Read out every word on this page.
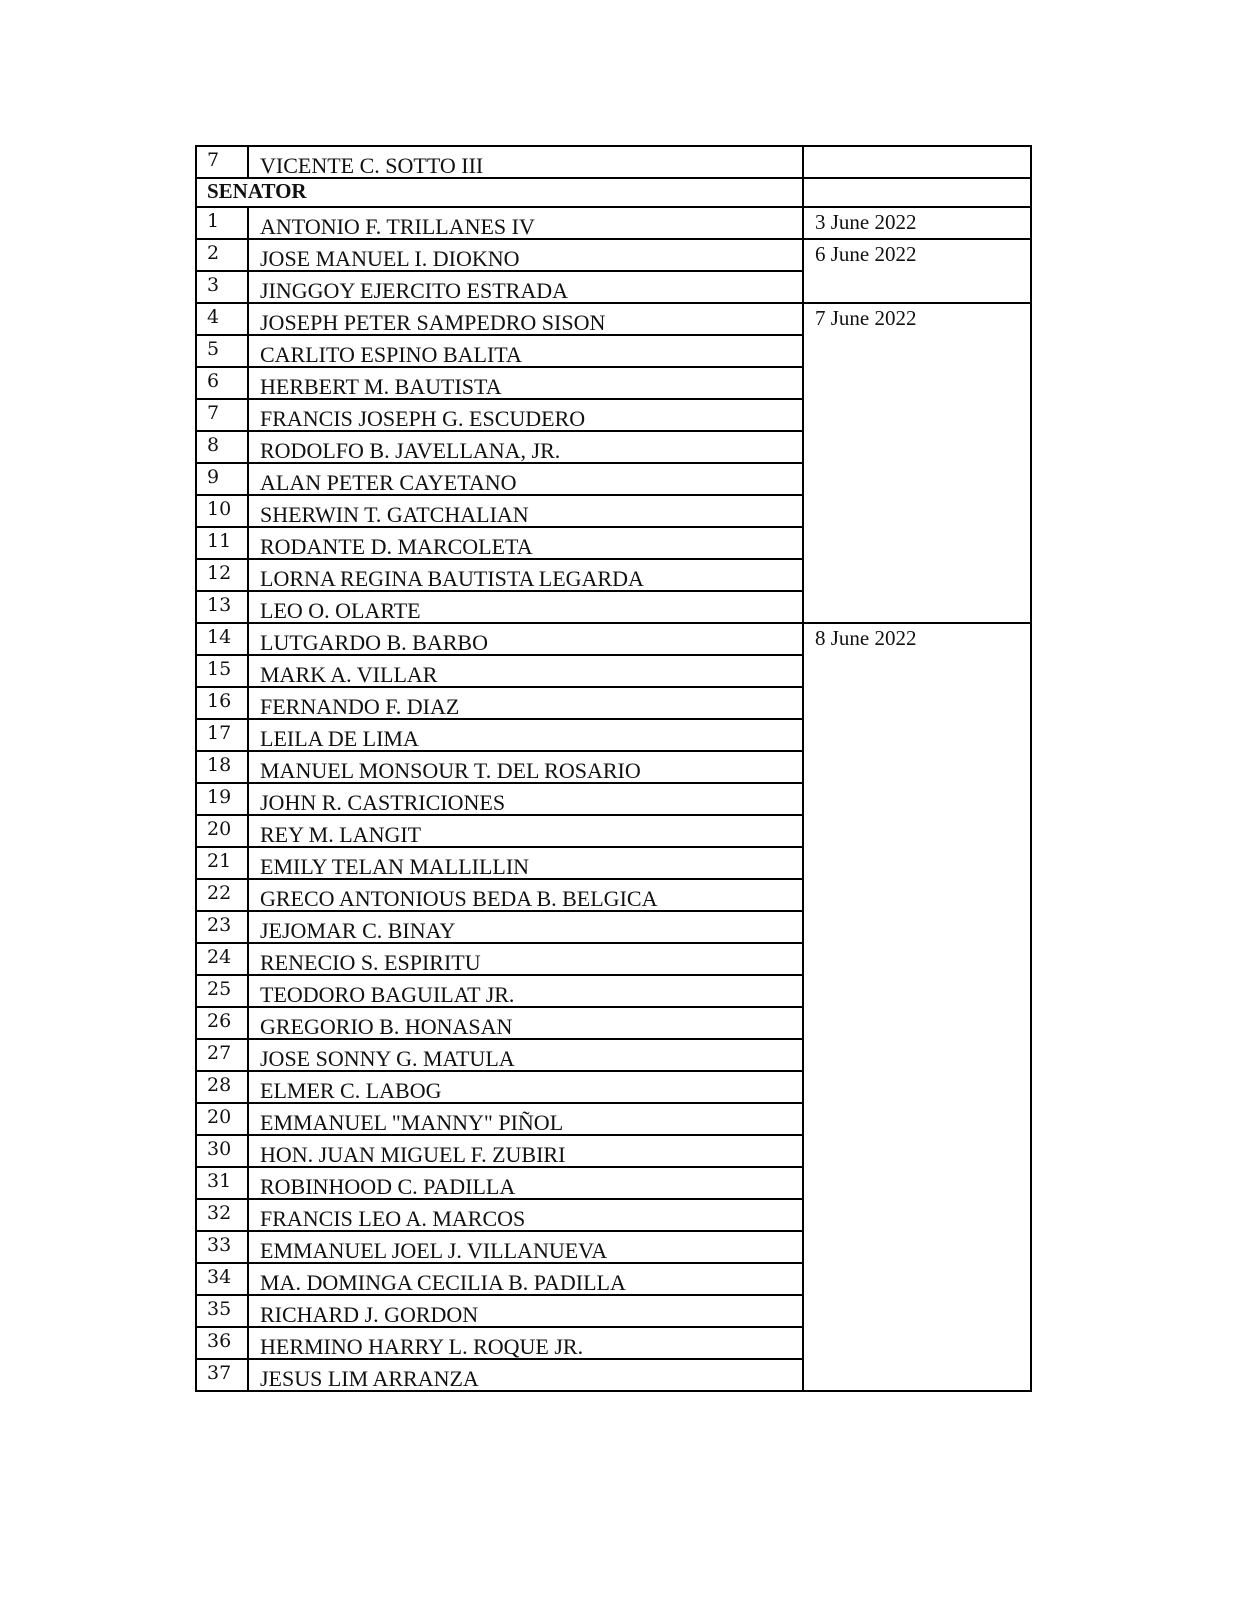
7	VICENTE C. SOTTO III	
SENATOR		
1	ANTONIO F. TRILLANES IV	3 June 2022
2	JOSE MANUEL I. DIOKNO	6 June 2022
3	JINGGOY EJERCITO ESTRADA	
4	JOSEPH PETER SAMPEDRO SISON	7 June 2022
5	CARLITO ESPINO BALITA	
6	HERBERT M. BAUTISTA	
7	FRANCIS JOSEPH G. ESCUDERO	
8	RODOLFO B. JAVELLANA, JR.	
9	ALAN PETER CAYETANO	
10	SHERWIN T. GATCHALIAN	
11	RODANTE D. MARCOLETA	
12	LORNA REGINA BAUTISTA LEGARDA	
13	LEO O. OLARTE	
14	LUTGARDO B. BARBO	8 June 2022
15	MARK A. VILLAR	
16	FERNANDO F. DIAZ	
17	LEILA DE LIMA	
18	MANUEL MONSOUR T. DEL ROSARIO	
19	JOHN R. CASTRICIONES	
20	REY M. LANGIT	
21	EMILY TELAN MALLILLIN	
22	GRECO ANTONIOUS BEDA B. BELGICA	
23	JEJOMAR C. BINAY	
24	RENECIO S. ESPIRITU	
25	TEODORO BAGUILAT JR.	
26	GREGORIO B. HONASAN	
27	JOSE SONNY G. MATULA	
28	ELMER C. LABOG	
20	EMMANUEL "MANNY" PIÑOL	
30	HON. JUAN MIGUEL F. ZUBIRI	
31	ROBINHOOD C. PADILLA	
32	FRANCIS LEO A. MARCOS	
33	EMMANUEL JOEL J. VILLANUEVA	
34	MA. DOMINGA CECILIA B. PADILLA	
35	RICHARD J. GORDON	
36	HERMINO HARRY L. ROQUE JR.	
37	JESUS LIM ARRANZA	
